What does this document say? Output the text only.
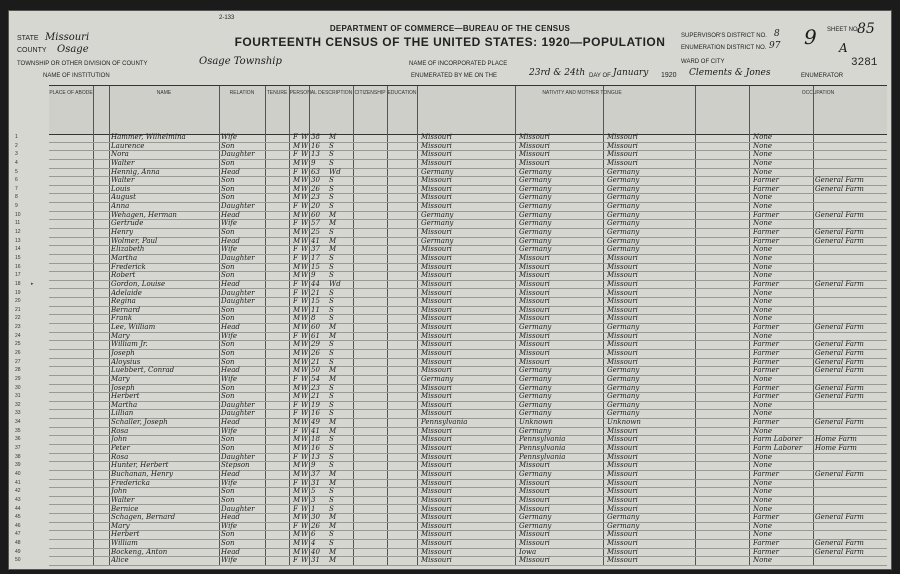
2-133
DEPARTMENT OF COMMERCE—BUREAU OF THE CENSUS
FOURTEENTH CENSUS OF THE UNITED STATES: 1920—POPULATION
STATE Missouri
COUNTY Osage
TOWNSHIP OR OTHER DIVISION OF COUNTY	Osage Township	NAME OF INCORPORATED PLACE
NAME OF INSTITUTION	ENUMERATED BY ME ON THE	23rd & 24th DAY OF January 1920 Clements & Jones	ENUMERATOR
SUPERVISOR'S DISTRICT NO. 8
ENUMERATION DISTRICT NO. 97
WARD OF CITY
SHEET NO.
9 A
85
3281
PLACE OF ABODE	NAME	RELATION	TENURE PERSONAL DESCRIPTION CITIZENSHIP EDUCATION	NATIVITY AND MOTHER TONGUE	OCCUPATION
1	Hammer, Wilhelmina	Wife	F W 38	M	Missouri	Missouri	Missouri	None
2	Laurence	Son	M W 16	S	Missouri	Missouri	Missouri	None
3	Nora	Daughter	F W 13	S	Missouri	Missouri	Missouri	None
4	Walter	Son	M W 9	S	Missouri	Missouri	Missouri	None
5	Hennig, Anna	Head	F W 63	Wd	Germany	Germany	Germany	None
6	Walter	Son	M W 30	S	Missouri	Germany	Germany	Farmer	General Farm
7	Louis	Son	M W 26	S	Missouri	Germany	Germany	Farmer	General Farm
8	August	Son	M W 23	S	Missouri	Germany	Germany	None
9	Anna	Daughter	F W 20	S	Missouri	Germany	Germany	None
10	Wehagen, Herman	Head	M W 60	M	Germany	Germany	Germany	Farmer	General Farm
11	Gertrude	Wife	F W 57	M	Germany	Germany	Germany	None
12	Henry	Son	M W 25	S	Missouri	Germany	Germany	Farmer	General Farm
13	Wolmer, Paul	Head	M W 41	M	Germany	Germany	Germany	Farmer	General Farm
14	Elizabeth	Wife	F W 37	M	Missouri	Germany	Germany	None
15	Martha	Daughter	F W 17	S	Missouri	Missouri	Missouri	None
16	Frederick	Son	M W 15	S	Missouri	Missouri	Missouri	None
17	Robert	Son	M W 9	S	Missouri	Missouri	Missouri	None
18	Gordon, Louise	Head	F W 44	Wd	Missouri	Missouri	Missouri	Farmer	General Farm
19	Adelaide	Daughter	F W 21	S	Missouri	Missouri	Missouri	None
20	Regina	Daughter	F W 15	S	Missouri	Missouri	Missouri	None
21	Bernard	Son	M W 11	S	Missouri	Missouri	Missouri	None
22	Frank	Son	M W 8	S	Missouri	Missouri	Missouri	None
23	Lee, William	Head	M W 60	M	Missouri	Germany	Germany	Farmer	General Farm
24	Mary	Wife	F W 61	M	Missouri	Missouri	Missouri	None
25	William Jr.	Son	M W 29	S	Missouri	Missouri	Missouri	Farmer	General Farm
26	Joseph	Son	M W 26	S	Missouri	Missouri	Missouri	Farmer	General Farm
27	Aloysius	Son	M W 21	S	Missouri	Missouri	Missouri	Farmer	General Farm
28	Luebbert, Conrad	Head	M W 50	M	Missouri	Germany	Germany	Farmer	General Farm
29	Mary	Wife	F W 54	M	Germany	Germany	Germany	None
30	Joseph	Son	M W 23	S	Missouri	Germany	Germany	Farmer	General Farm
31	Herbert	Son	M W 21	S	Missouri	Germany	Germany	Farmer	General Farm
32	Martha	Daughter	F W 19	S	Missouri	Germany	Germany	None
33	Lillian	Daughter	F W 16	S	Missouri	Germany	Germany	None
34	Schaller, Joseph	Head	M W 49	M	Pennsylvania	Unknown	Unknown	Farmer	General Farm
35	Rosa	Wife	F W 41	M	Missouri	Germany	Missouri	None
36	John	Son	M W 18	S	Missouri	Pennsylvania	Missouri	Farm Laborer	Home Farm
37	Peter	Son	M W 16	S	Missouri	Pennsylvania	Missouri	Farm Laborer	Home Farm
38	Rosa	Daughter	F W 13	S	Missouri	Pennsylvania	Missouri	None
39	Hunter, Herbert	Stepson	M W 9	S	Missouri	Missouri	Missouri	None
40	Buchanan, Henry	Head	M W 37	M	Missouri	Germany	Missouri	Farmer	General Farm
41	Fredericka	Wife	F W 31	M	Missouri	Missouri	Missouri	None
42	John	Son	M W 5	S	Missouri	Missouri	Missouri	None
43	Walter	Son	M W 3	S	Missouri	Missouri	Missouri	None
44	Bernice	Daughter	F W 1	S	Missouri	Missouri	Missouri	None
45	Schagen, Bernard	Head	M W 30	M	Missouri	Germany	Germany	Farmer	General Farm
46	Mary	Wife	F W 26	M	Missouri	Germany	Germany	None
47	Herbert	Son	M W 6	S	Missouri	Missouri	Missouri	None
48	William	Son	M W 4	S	Missouri	Missouri	Missouri	Farmer	General Farm
49	Bockeng, Anton	Head	M W 40	M	Missouri	Iowa	Missouri	Farmer	General Farm
50	Alice	Wife	F W 31	M	Missouri	Missouri	Missouri	None
▸
